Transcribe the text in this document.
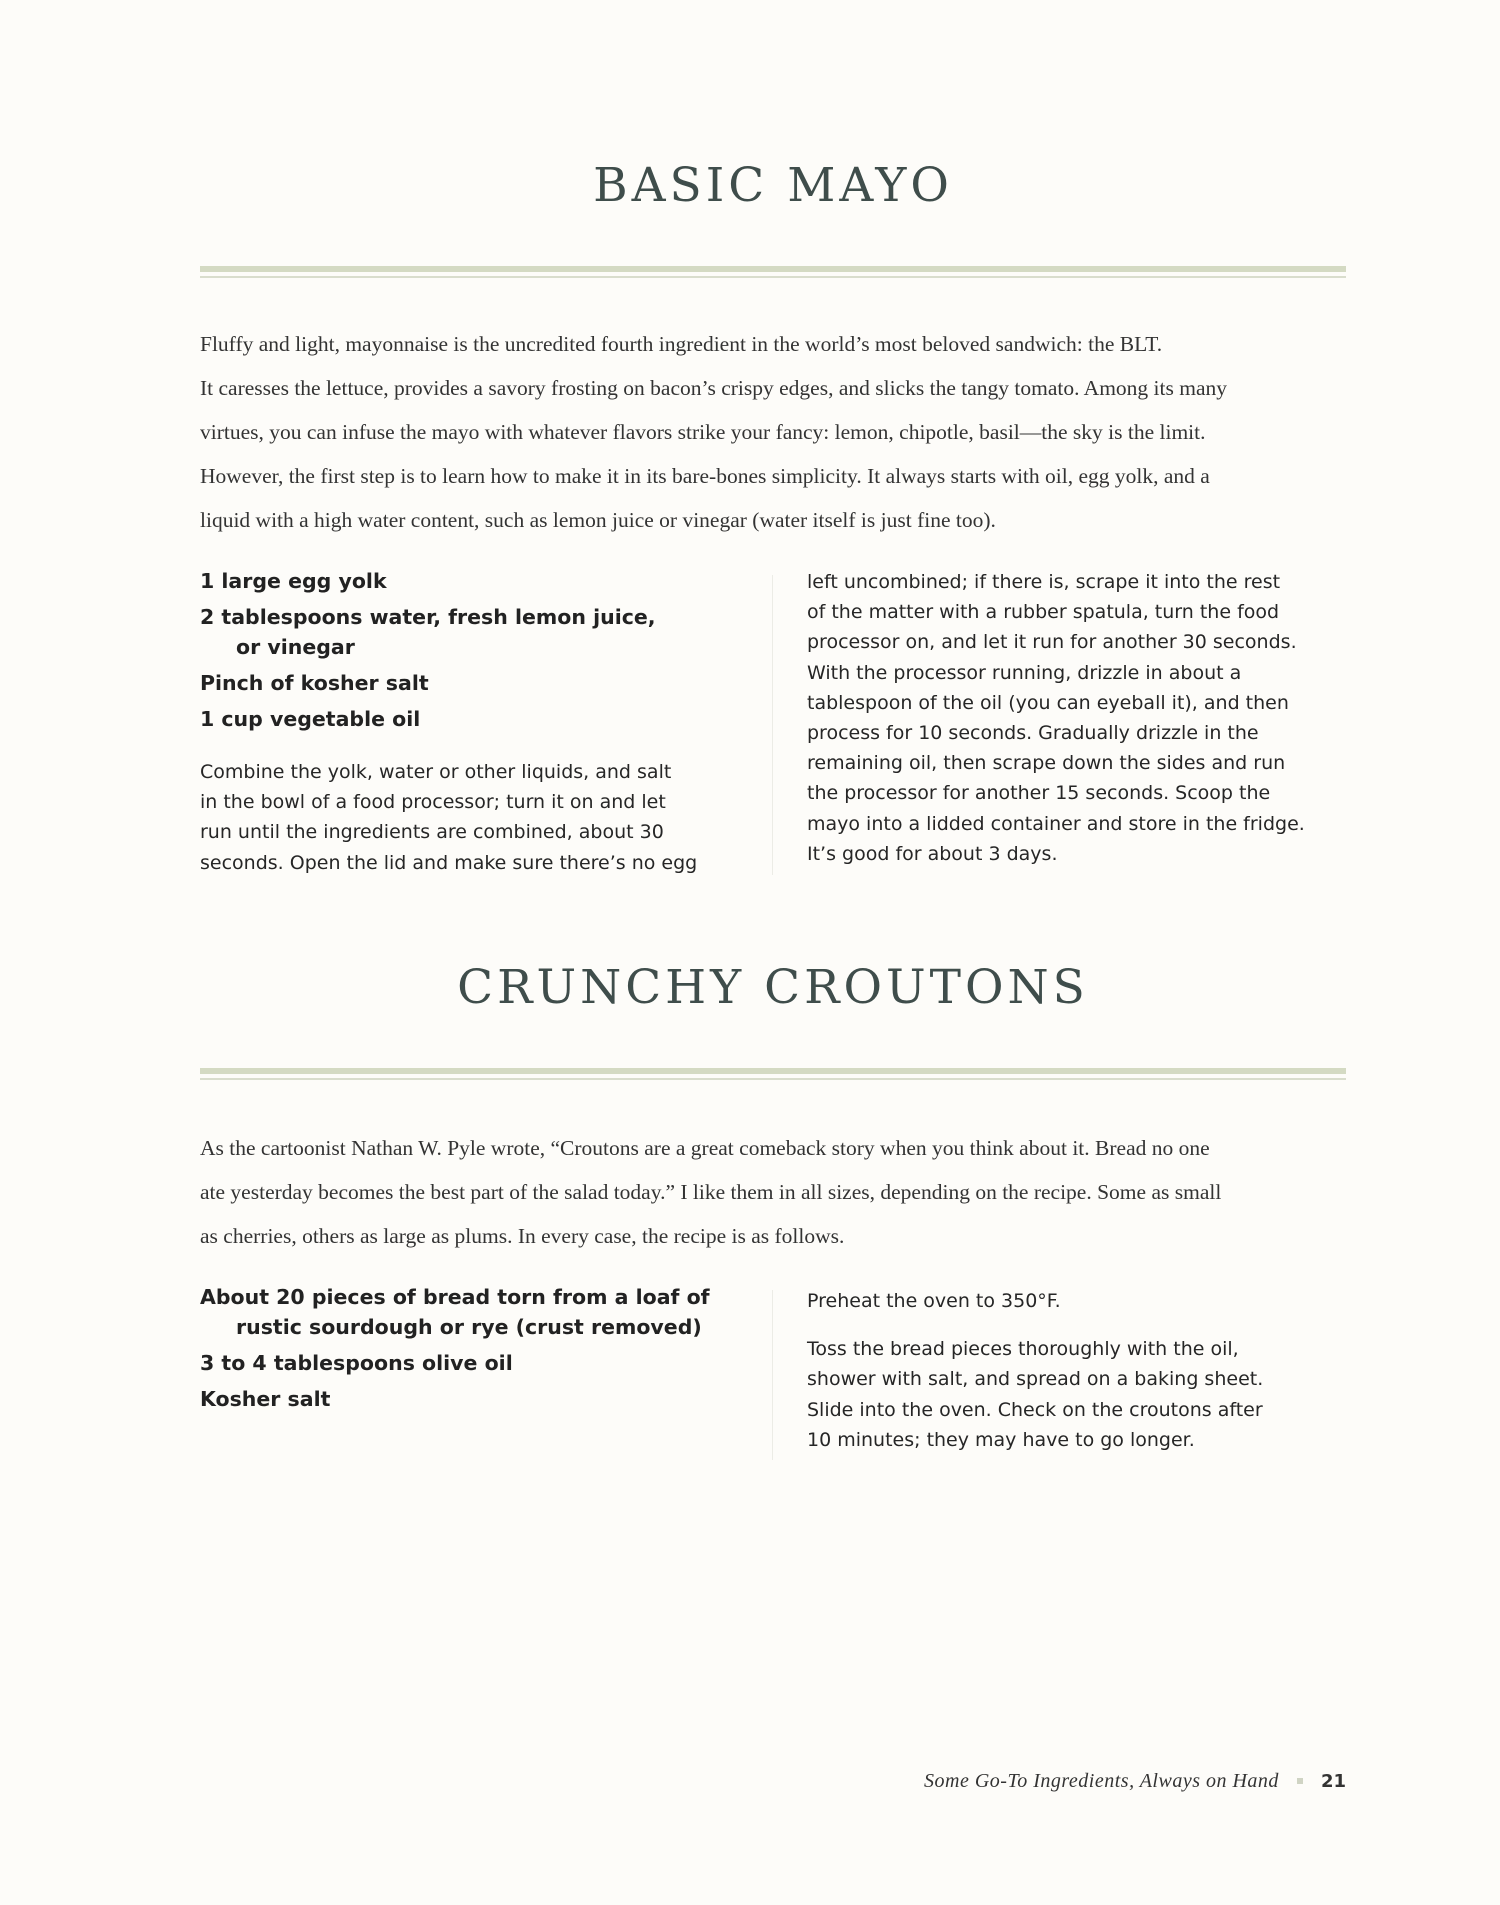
BASIC MAYO

Fluffy and light, mayonnaise is the uncredited fourth ingredient in the world’s most beloved sandwich: the BLT.
It caresses the lettuce, provides a savory frosting on bacon’s crispy edges, and slicks the tangy tomato. Among its many
virtues, you can infuse the mayo with whatever flavors strike your fancy: lemon, chipotle, basil—the sky is the limit.
However, the first step is to learn how to make it in its bare-bones simplicity. It always starts with oil, egg yolk, and a
liquid with a high water content, such as lemon juice or vinegar (water itself is just fine too).

1 large egg yolk
2 tablespoons water, fresh lemon juice, or vinegar
Pinch of kosher salt
1 cup vegetable oil

Combine the yolk, water or other liquids, and salt
in the bowl of a food processor; turn it on and let
run until the ingredients are combined, about 30
seconds. Open the lid and make sure there’s no egg

left uncombined; if there is, scrape it into the rest
of the matter with a rubber spatula, turn the food
processor on, and let it run for another 30 seconds.
With the processor running, drizzle in about a
tablespoon of the oil (you can eyeball it), and then
process for 10 seconds. Gradually drizzle in the
remaining oil, then scrape down the sides and run
the processor for another 15 seconds. Scoop the
mayo into a lidded container and store in the fridge.
It’s good for about 3 days.

CRUNCHY CROUTONS

As the cartoonist Nathan W. Pyle wrote, “Croutons are a great comeback story when you think about it. Bread no one
ate yesterday becomes the best part of the salad today.” I like them in all sizes, depending on the recipe. Some as small
as cherries, others as large as plums. In every case, the recipe is as follows.

About 20 pieces of bread torn from a loaf of rustic sourdough or rye (crust removed)
3 to 4 tablespoons olive oil
Kosher salt

Preheat the oven to 350°F.
Toss the bread pieces thoroughly with the oil,
shower with salt, and spread on a baking sheet.
Slide into the oven. Check on the croutons after
10 minutes; they may have to go longer.

Some Go-To Ingredients, Always on Hand 21
